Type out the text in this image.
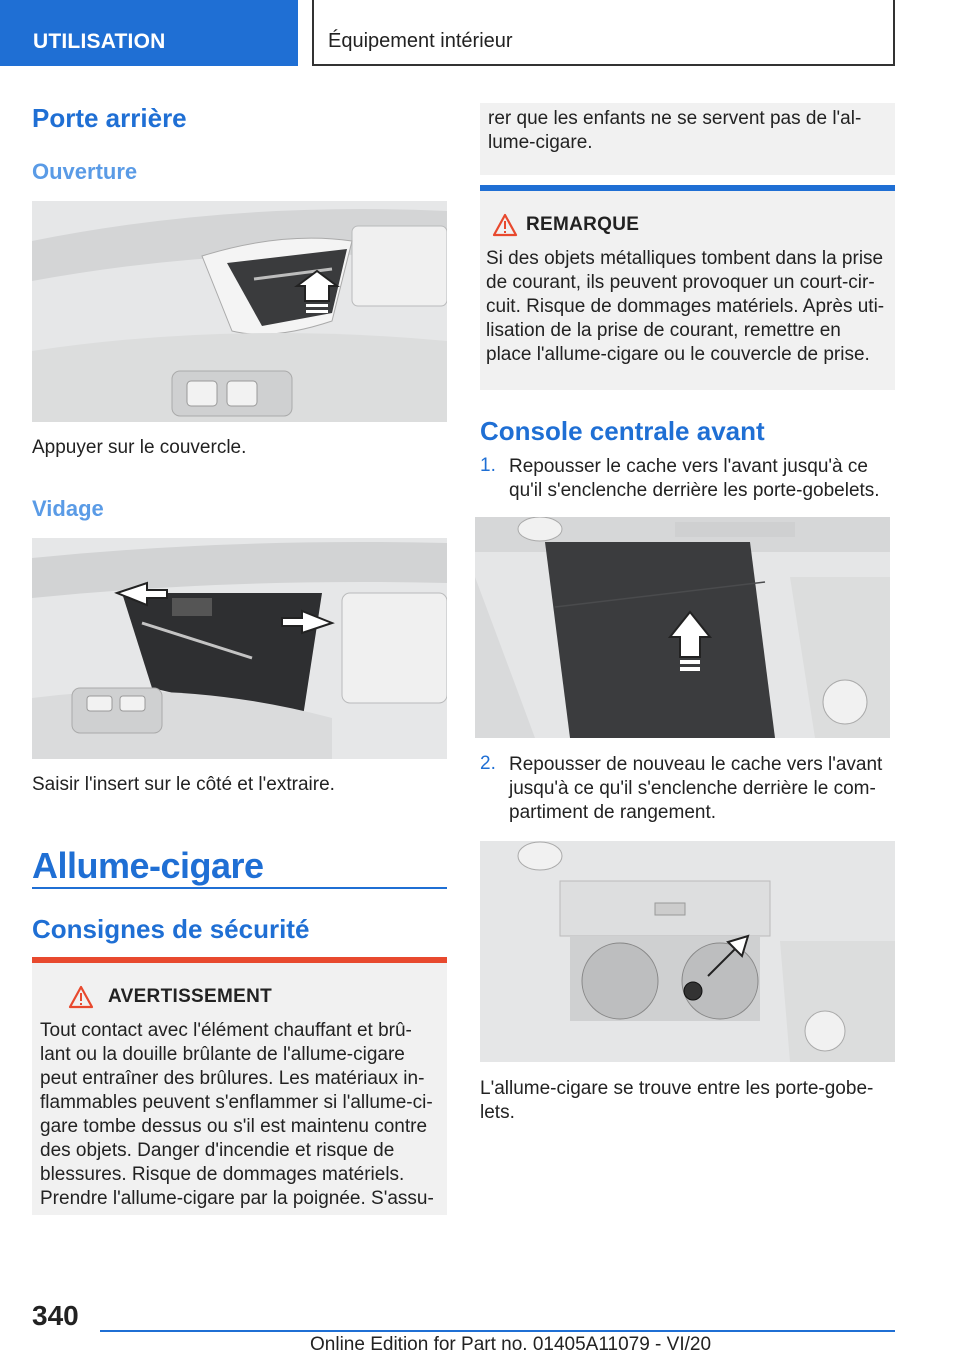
UTILISATION	Équipement intérieur
Porte arrière
Ouverture
Appuyer sur le couvercle.
Vidage
Saisir l'insert sur le côté et l'extraire.
Allume-cigare
Consignes de sécurité
AVERTISSEMENT
Tout contact avec l'élément chauffant et brû-
lant ou la douille brûlante de l'allume-cigare
peut entraîner des brûlures. Les matériaux in-
flammables peuvent s'enflammer si l'allume-ci-
gare tombe dessus ou s'il est maintenu contre
des objets. Danger d'incendie et risque de
blessures. Risque de dommages matériels.
Prendre l'allume-cigare par la poignée. S'assu-
rer que les enfants ne se servent pas de l'al-
lume-cigare.
REMARQUE
Si des objets métalliques tombent dans la prise
de courant, ils peuvent provoquer un court-cir-
cuit. Risque de dommages matériels. Après uti-
lisation de la prise de courant, remettre en
place l'allume-cigare ou le couvercle de prise.
Console centrale avant
1. Repousser le cache vers l'avant jusqu'à ce
qu'il s'enclenche derrière les porte-gobelets.
2. Repousser de nouveau le cache vers l'avant
jusqu'à ce qu'il s'enclenche derrière le com-
partiment de rangement.
L'allume-cigare se trouve entre les porte-gobe-
lets.
340
Online Edition for Part no. 01405A11079 - VI/20
